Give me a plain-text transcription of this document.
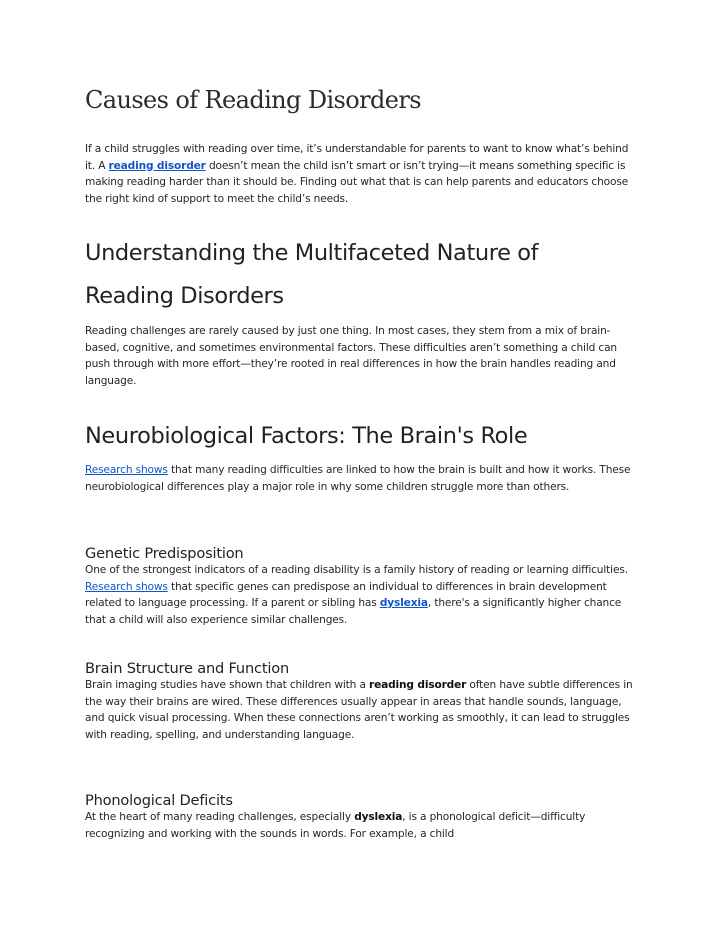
Causes of Reading Disorders

If a child struggles with reading over time, it’s understandable for parents to want to know what’s behind it. A reading disorder doesn’t mean the child isn’t smart or isn’t trying—it means something specific is making reading harder than it should be. Finding out what that is can help parents and educators choose the right kind of support to meet the child’s needs.

Understanding the Multifaceted Nature of
Reading Disorders

Reading challenges are rarely caused by just one thing. In most cases, they stem from a mix of brain-based, cognitive, and sometimes environmental factors. These difficulties aren’t something a child can push through with more effort—they’re rooted in real differences in how the brain handles reading and language.

Neurobiological Factors: The Brain's Role

Research shows that many reading difficulties are linked to how the brain is built and how it works. These neurobiological differences play a major role in why some children struggle more than others.

Genetic Predisposition

One of the strongest indicators of a reading disability is a family history of reading or learning difficulties. Research shows that specific genes can predispose an individual to differences in brain development related to language processing. If a parent or sibling has dyslexia, there's a significantly higher chance that a child will also experience similar challenges.

Brain Structure and Function

Brain imaging studies have shown that children with a reading disorder often have subtle differences in the way their brains are wired. These differences usually appear in areas that handle sounds, language, and quick visual processing. When these connections aren’t working as smoothly, it can lead to struggles with reading, spelling, and understanding language.

Phonological Deficits

At the heart of many reading challenges, especially dyslexia, is a phonological deficit—difficulty recognizing and working with the sounds in words. For example, a child
